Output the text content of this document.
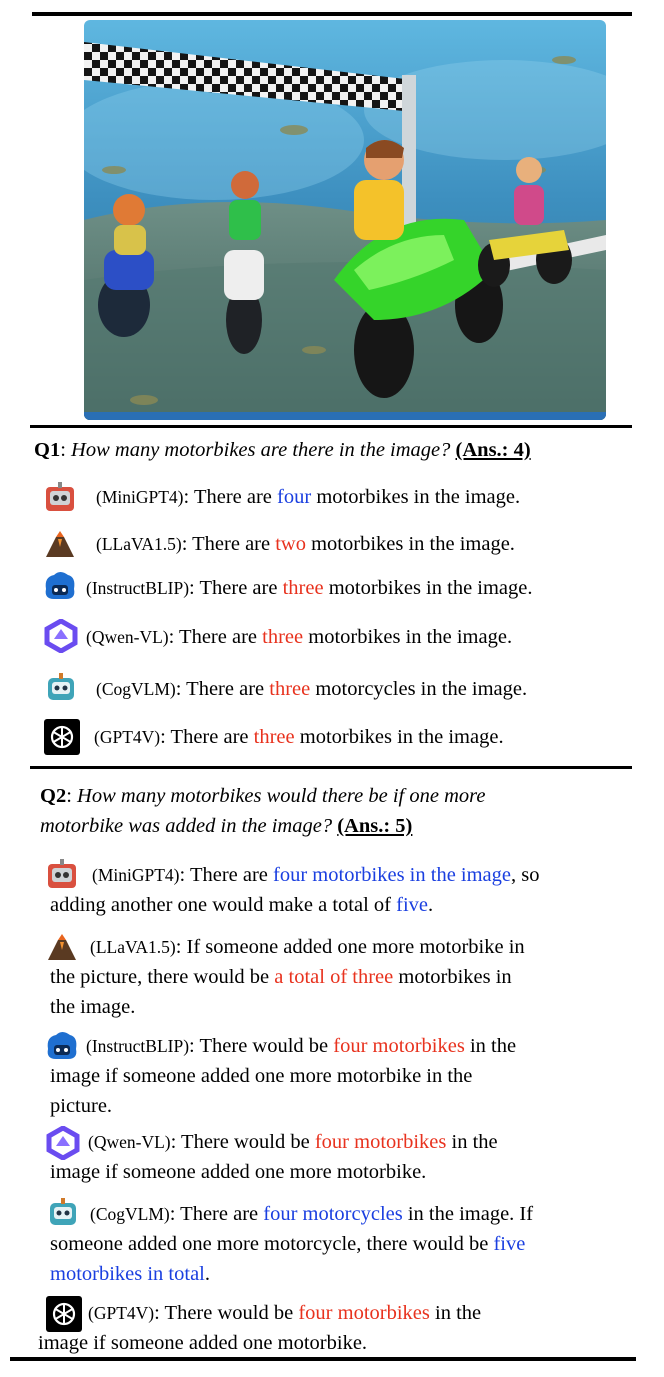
Q1: How many motorbikes are there in the image? (Ans.: 4)
(MiniGPT4): There are four motorbikes in the image.
(LLaVA1.5): There are two motorbikes in the image.
(InstructBLIP): There are three motorbikes in the image.
(Qwen-VL): There are three motorbikes in the image.
(CogVLM): There are three motorcycles in the image.
(GPT4V): There are three motorbikes in the image.
Q2: How many motorbikes would there be if one more
motorbike was added in the image? (Ans.: 5)
(MiniGPT4): There are four motorbikes in the image, so
adding another one would make a total of five.
(LLaVA1.5): If someone added one more motorbike in
the picture, there would be a total of three motorbikes in
the image.
(InstructBLIP): There would be four motorbikes in the
image if someone added one more motorbike in the
picture.
(Qwen-VL): There would be four motorbikes in the
image if someone added one more motorbike.
(CogVLM): There are four motorcycles in the image. If
someone added one more motorcycle, there would be five
motorbikes in total.
(GPT4V): There would be four motorbikes in the
image if someone added one motorbike.
